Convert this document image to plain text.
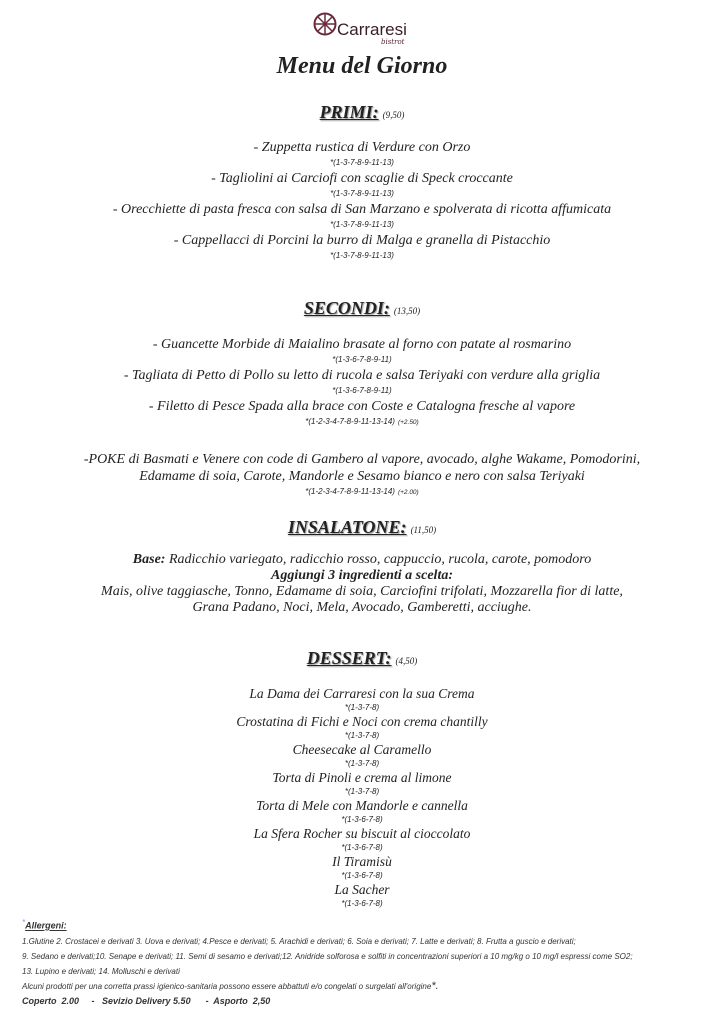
Carraresi
bistrot
Menu del Giorno
PRIMI: (9,50)
- Zuppetta rustica di Verdure con Orzo
*(1-3-7-8-9-11-13)
- Tagliolini ai Carciofi con scaglie di Speck croccante
*(1-3-7-8-9-11-13)
- Orecchiette di pasta fresca con salsa di San Marzano e spolverata di ricotta affumicata
*(1-3-7-8-9-11-13)
- Cappellacci di Porcini la burro di Malga e granella di Pistacchio
*(1-3-7-8-9-11-13)
SECONDI: (13,50)
- Guancette Morbide di Maialino brasate al forno con patate al rosmarino
*(1-3-6-7-8-9-11)
- Tagliata di Petto di Pollo su letto di rucola e salsa Teriyaki con verdure alla griglia
*(1-3-6-7-8-9-11)
- Filetto di Pesce Spada alla brace con Coste e Catalogna fresche al vapore
*(1-2-3-4-7-8-9-11-13-14) (+2.50)
-POKE di Basmati e Venere con code di Gambero al vapore, avocado, alghe Wakame, Pomodorini,
Edamame di soia, Carote, Mandorle e Sesamo bianco e nero con salsa Teriyaki
*(1-2-3-4-7-8-9-11-13-14) (+2.00)
INSALATONE: (11,50)
Base: Radicchio variegato, radicchio rosso, cappuccio, rucola, carote, pomodoro
Aggiungi 3 ingredienti a scelta:
Mais, olive taggiasche, Tonno, Edamame di soia, Carciofini trifolati, Mozzarella fior di latte,
Grana Padano, Noci, Mela, Avocado, Gamberetti, acciughe.
DESSERT: (4,50)
La Dama dei Carraresi con la sua Crema
*(1-3-7-8)
Crostatina di Fichi e Noci con crema chantilly
*(1-3-7-8)
Cheesecake al Caramello
*(1-3-7-8)
Torta di Pinoli e crema al limone
*(1-3-7-8)
Torta di Mele con Mandorle e cannella
*(1-3-6-7-8)
La Sfera Rocher su biscuit al cioccolato
*(1-3-6-7-8)
Il Tiramisù
*(1-3-6-7-8)
La Sacher
*(1-3-6-7-8)
*Allergeni:
1.Glutine 2. Crostacei e derivati 3. Uova e derivati; 4.Pesce e derivati; 5. Arachidi e derivati; 6. Soia e derivati; 7. Latte e derivati; 8. Frutta a guscio e derivati;
9. Sedano e derivati;10. Senape e derivati; 11. Semi di sesamo e derivati;12. Anidride solforosa e solfiti in concentrazioni superiori a 10 mg/kg o 10 mg/l espressi come SO2;
13. Lupino e derivati; 14. Molluschi e derivati
Alcuni prodotti per una corretta prassi igienico-sanitaria possono essere abbattuti e/o congelati o surgelati all'origine*.
Coperto  2.00     -   Sevizio Delivery 5.50      -  Asporto  2,50
